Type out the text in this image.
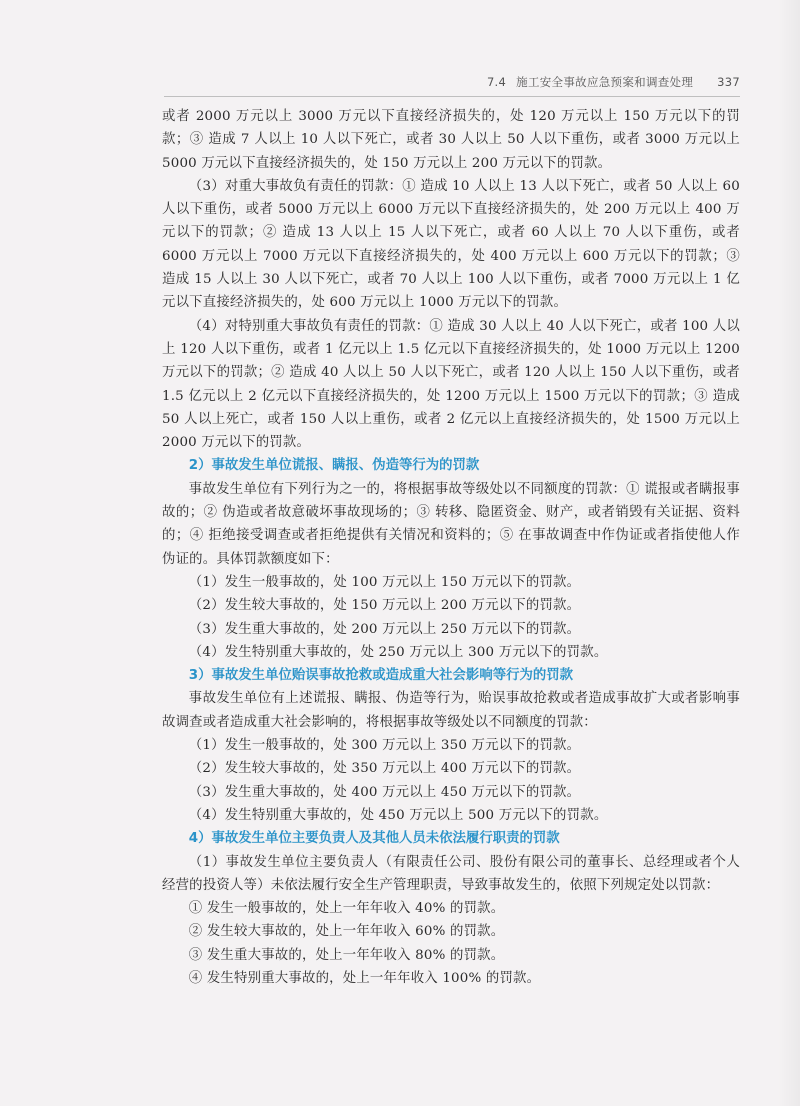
7.4 施工安全事故应急预案和调查处理 337

或者 2000 万元以上 3000 万元以下直接经济损失的，处 120 万元以上 150 万元以下的罚款；③ 造成 7 人以上 10 人以下死亡，或者 30 人以上 50 人以下重伤，或者 3000 万元以上 5000 万元以下直接经济损失的，处 150 万元以上 200 万元以下的罚款。

（3）对重大事故负有责任的罚款：① 造成 10 人以上 13 人以下死亡，或者 50 人以上 60 人以下重伤，或者 5000 万元以上 6000 万元以下直接经济损失的，处 200 万元以上 400 万元以下的罚款；② 造成 13 人以上 15 人以下死亡，或者 60 人以上 70 人以下重伤，或者 6000 万元以上 7000 万元以下直接经济损失的，处 400 万元以上 600 万元以下的罚款；③ 造成 15 人以上 30 人以下死亡，或者 70 人以上 100 人以下重伤，或者 7000 万元以上 1 亿元以下直接经济损失的，处 600 万元以上 1000 万元以下的罚款。

（4）对特别重大事故负有责任的罚款：① 造成 30 人以上 40 人以下死亡，或者 100 人以上 120 人以下重伤，或者 1 亿元以上 1.5 亿元以下直接经济损失的，处 1000 万元以上 1200 万元以下的罚款；② 造成 40 人以上 50 人以下死亡，或者 120 人以上 150 人以下重伤，或者 1.5 亿元以上 2 亿元以下直接经济损失的，处 1200 万元以上 1500 万元以下的罚款；③ 造成 50 人以上死亡，或者 150 人以上重伤，或者 2 亿元以上直接经济损失的，处 1500 万元以上 2000 万元以下的罚款。

2）事故发生单位谎报、瞒报、伪造等行为的罚款

事故发生单位有下列行为之一的，将根据事故等级处以不同额度的罚款：① 谎报或者瞒报事故的；② 伪造或者故意破坏事故现场的；③ 转移、隐匿资金、财产，或者销毁有关证据、资料的；④ 拒绝接受调查或者拒绝提供有关情况和资料的；⑤ 在事故调查中作伪证或者指使他人作伪证的。具体罚款额度如下：

（1）发生一般事故的，处 100 万元以上 150 万元以下的罚款。

（2）发生较大事故的，处 150 万元以上 200 万元以下的罚款。

（3）发生重大事故的，处 200 万元以上 250 万元以下的罚款。

（4）发生特别重大事故的，处 250 万元以上 300 万元以下的罚款。

3）事故发生单位贻误事故抢救或造成重大社会影响等行为的罚款

事故发生单位有上述谎报、瞒报、伪造等行为，贻误事故抢救或者造成事故扩大或者影响事故调查或者造成重大社会影响的，将根据事故等级处以不同额度的罚款：

（1）发生一般事故的，处 300 万元以上 350 万元以下的罚款。

（2）发生较大事故的，处 350 万元以上 400 万元以下的罚款。

（3）发生重大事故的，处 400 万元以上 450 万元以下的罚款。

（4）发生特别重大事故的，处 450 万元以上 500 万元以下的罚款。

4）事故发生单位主要负责人及其他人员未依法履行职责的罚款

（1）事故发生单位主要负责人（有限责任公司、股份有限公司的董事长、总经理或者个人经营的投资人等）未依法履行安全生产管理职责，导致事故发生的，依照下列规定处以罚款：

① 发生一般事故的，处上一年年收入 40% 的罚款。

② 发生较大事故的，处上一年年收入 60% 的罚款。

③ 发生重大事故的，处上一年年收入 80% 的罚款。

④ 发生特别重大事故的，处上一年年收入 100% 的罚款。
